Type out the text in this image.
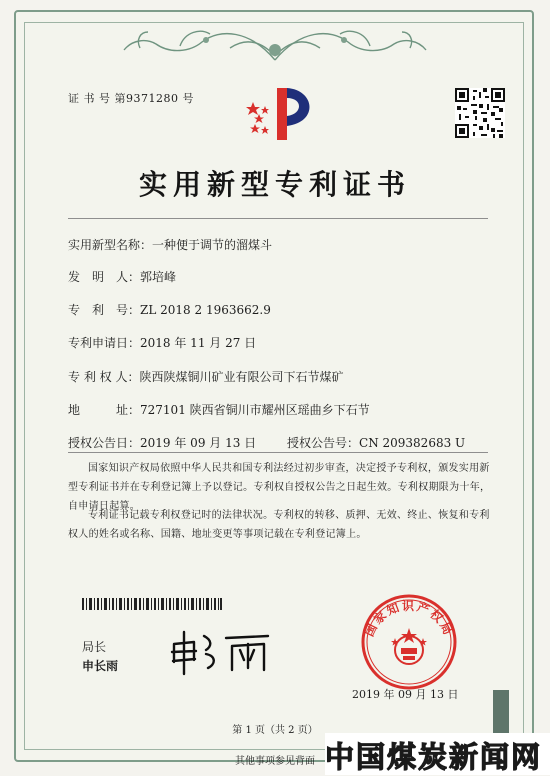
证 书 号 第9371280 号
实用新型专利证书
实用新型名称：一种便于调节的溜煤斗
发　明　人：郭培峰
专　利　号：ZL 2018 2 1963662.9
专利申请日：2018 年 11 月 27 日
专 利 权 人：陕西陕煤铜川矿业有限公司下石节煤矿
地　　　址：727101 陕西省铜川市耀州区瑶曲乡下石节
授权公告日：2019 年 09 月 13 日	授权公告号：CN 209382683 U
国家知识产权局依照中华人民共和国专利法经过初步审查，决定授予专利权，颁发实用新型专利证书并在专利登记簿上予以登记。专利权自授权公告之日起生效。专利权期限为十年，自申请日起算。
专利证书记载专利权登记时的法律状况。专利权的转移、质押、无效、终止、恢复和专利权人的姓名或名称、国籍、地址变更等事项记载在专利登记簿上。
局长
申长雨
国家知识产权局
2019 年 09 月 13 日
第 1 页（共 2 页）
其他事项参见背面 中国煤炭新闻网
